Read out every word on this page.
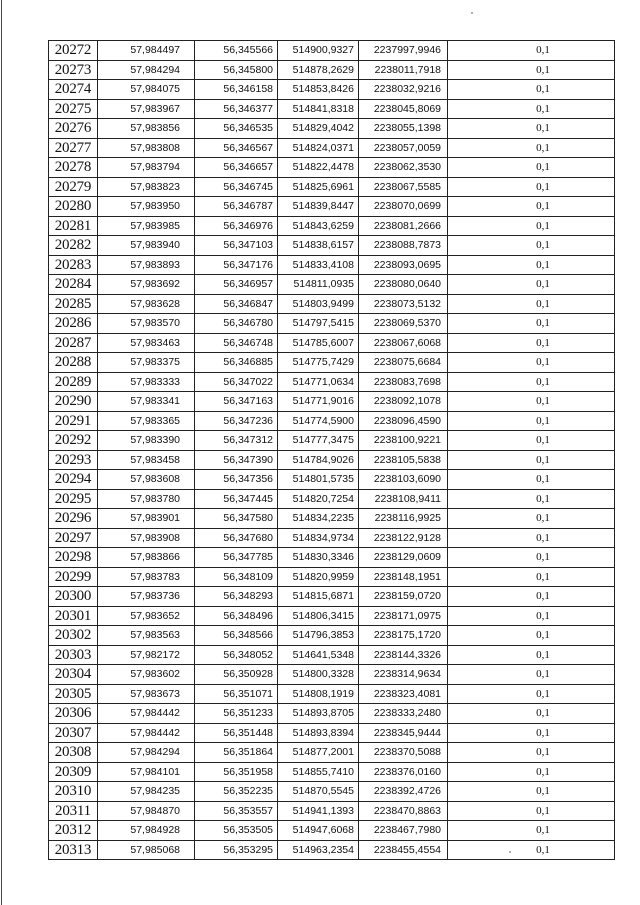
20272	57,984497	56,345566	514900,9327	2237997,9946	0,1
20273	57,984294	56,345800	514878,2629	2238011,7918	0,1
20274	57,984075	56,346158	514853,8426	2238032,9216	0,1
20275	57,983967	56,346377	514841,8318	2238045,8069	0,1
20276	57,983856	56,346535	514829,4042	2238055,1398	0,1
20277	57,983808	56,346567	514824,0371	2238057,0059	0,1
20278	57,983794	56,346657	514822,4478	2238062,3530	0,1
20279	57,983823	56,346745	514825,6961	2238067,5585	0,1
20280	57,983950	56,346787	514839,8447	2238070,0699	0,1
20281	57,983985	56,346976	514843,6259	2238081,2666	0,1
20282	57,983940	56,347103	514838,6157	2238088,7873	0,1
20283	57,983893	56,347176	514833,4108	2238093,0695	0,1
20284	57,983692	56,346957	514811,0935	2238080,0640	0,1
20285	57,983628	56,346847	514803,9499	2238073,5132	0,1
20286	57,983570	56,346780	514797,5415	2238069,5370	0,1
20287	57,983463	56,346748	514785,6007	2238067,6068	0,1
20288	57,983375	56,346885	514775,7429	2238075,6684	0,1
20289	57,983333	56,347022	514771,0634	2238083,7698	0,1
20290	57,983341	56,347163	514771,9016	2238092,1078	0,1
20291	57,983365	56,347236	514774,5900	2238096,4590	0,1
20292	57,983390	56,347312	514777,3475	2238100,9221	0,1
20293	57,983458	56,347390	514784,9026	2238105,5838	0,1
20294	57,983608	56,347356	514801,5735	2238103,6090	0,1
20295	57,983780	56,347445	514820,7254	2238108,9411	0,1
20296	57,983901	56,347580	514834,2235	2238116,9925	0,1
20297	57,983908	56,347680	514834,9734	2238122,9128	0,1
20298	57,983866	56,347785	514830,3346	2238129,0609	0,1
20299	57,983783	56,348109	514820,9959	2238148,1951	0,1
20300	57,983736	56,348293	514815,6871	2238159,0720	0,1
20301	57,983652	56,348496	514806,3415	2238171,0975	0,1
20302	57,983563	56,348566	514796,3853	2238175,1720	0,1
20303	57,982172	56,348052	514641,5348	2238144,3326	0,1
20304	57,983602	56,350928	514800,3328	2238314,9634	0,1
20305	57,983673	56,351071	514808,1919	2238323,4081	0,1
20306	57,984442	56,351233	514893,8705	2238333,2480	0,1
20307	57,984442	56,351448	514893,8394	2238345,9444	0,1
20308	57,984294	56,351864	514877,2001	2238370,5088	0,1
20309	57,984101	56,351958	514855,7410	2238376,0160	0,1
20310	57,984235	56,352235	514870,5545	2238392,4726	0,1
20311	57,984870	56,353557	514941,1393	2238470,8863	0,1
20312	57,984928	56,353505	514947,6068	2238467,7980	0,1
20313	57,985068	56,353295	514963,2354	2238455,4554	0,1
